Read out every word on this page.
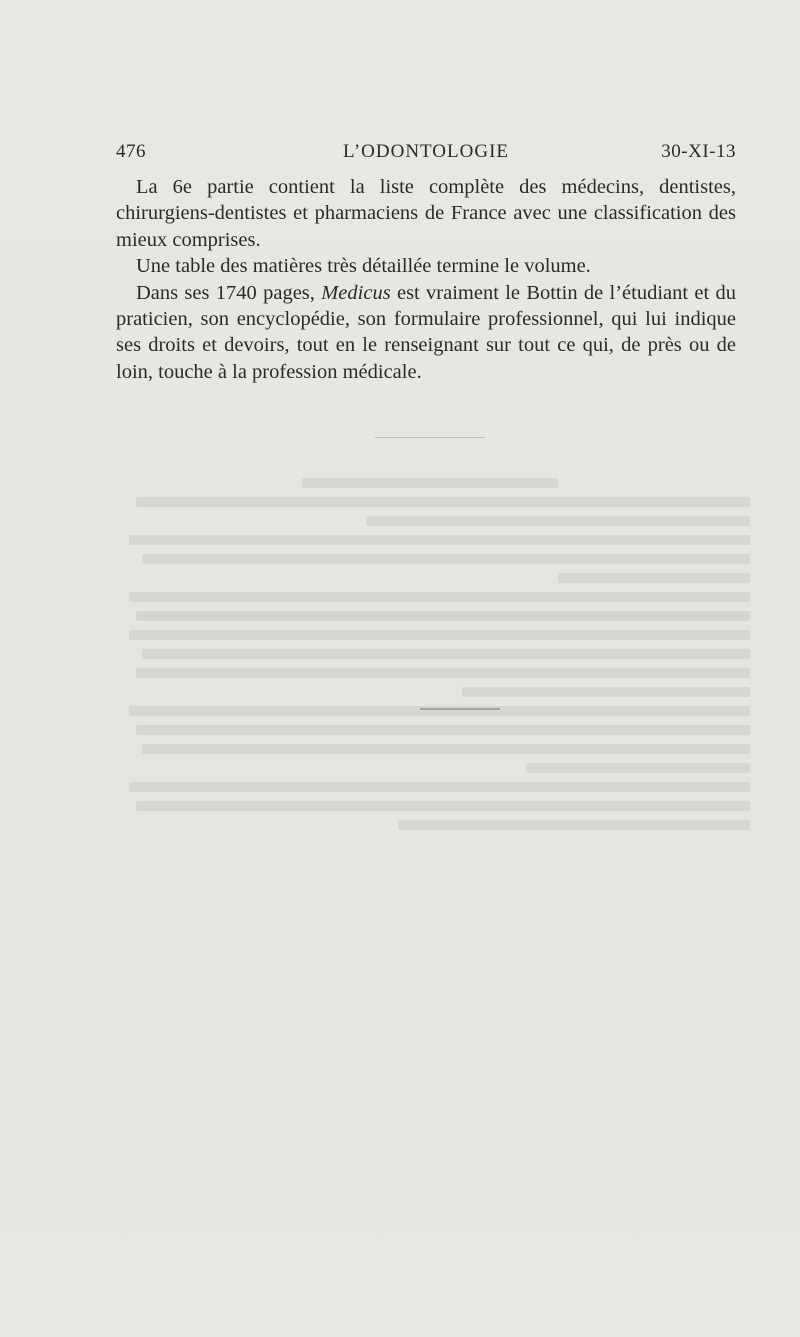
476	L’ODONTOLOGIE	30-XI-13

La 6e partie contient la liste complète des médecins, dentistes, chirurgiens-dentistes et pharmaciens de France avec une classification des mieux comprises.

Une table des matières très détaillée termine le volume.

Dans ses 1740 pages, Medicus est vraiment le Bottin de l’étudiant et du praticien, son encyclopédie, son formulaire professionnel, qui lui indique ses droits et devoirs, tout en le renseignant sur tout ce qui, de près ou de loin, touche à la profession médicale.
